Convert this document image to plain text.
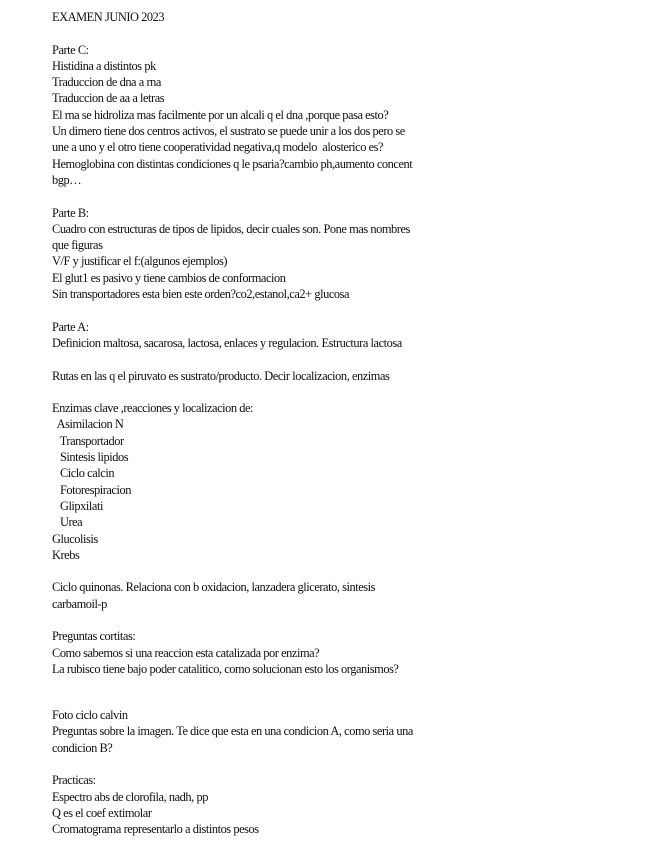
EXAMEN JUNIO 2023
Parte C:
Histidina a distintos pk
Traduccion de dna a rna
Traduccion de aa a letras
El rna se hidroliza mas facilmente por un alcali q el dna ,porque pasa esto?
Un dimero tiene dos centros activos, el sustrato se puede unir a los dos pero se
une a uno y el otro tiene cooperatividad negativa,q modelo  alosterico es?
Hemoglobina con distintas condiciones q le psaria?cambio ph,aumento concent
bgp…
Parte B:
Cuadro con estructuras de tipos de lipidos, decir cuales son. Pone mas nombres
que figuras
V/F y justificar el f:(algunos ejemplos)
El glut1 es pasivo y tiene cambios de conformacion
Sin transportadores esta bien este orden?co2,estanol,ca2+ glucosa
Parte A:
Definicion maltosa, sacarosa, lactosa, enlaces y regulacion. Estructura lactosa
Rutas en las q el piruvato es sustrato/producto. Decir localizacion, enzimas
Enzimas clave ,reacciones y localizacion de:
Asimilacion N
Transportador
Sintesis lipidos
Ciclo calcin
Fotorespiracion
Glipxilati
Urea
Glucolisis
Krebs
Ciclo quinonas. Relaciona con b oxidacion, lanzadera glicerato, sintesis
carbamoil-p
Preguntas cortitas:
Como sabemos si una reaccion esta catalizada por enzima?
La rubisco tiene bajo poder catalitico, como solucionan esto los organismos?
Foto ciclo calvin
Preguntas sobre la imagen. Te dice que esta en una condicion A, como seria una
condicion B?
Practicas:
Espectro abs de clorofila, nadh, pp
Q es el coef extimolar
Cromatograma representarlo a distintos pesos
